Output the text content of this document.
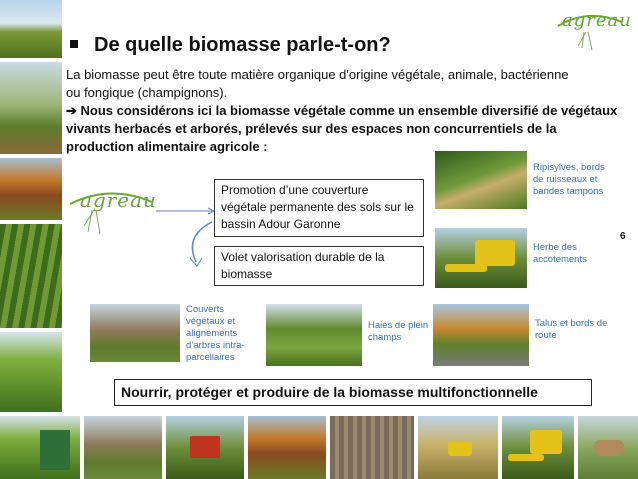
agreau
De quelle biomasse parle-t-on?
La biomasse peut être toute matière organique d'origine végétale, animale, bactérienne ou fongique (champignons).
➔ Nous considérons ici la biomasse végétale comme un ensemble diversifié de végétaux vivants herbacés et arborés, prélevés sur des espaces non concurrentiels de la production alimentaire agricole :
agreau	Promotion d’une couverture végétale permanente des sols sur le bassin Adour Garonne
Volet valorisation durable de la biomasse
Ripisylves, bords de ruisseaux et bandes tampons
Herbe des accotements
6
Couverts végétaux et alignements d’arbres intra-parcellaires
Haies de plein champs
Talus et bords de route
Nourrir, protéger et produire de la biomasse multifonctionnelle
